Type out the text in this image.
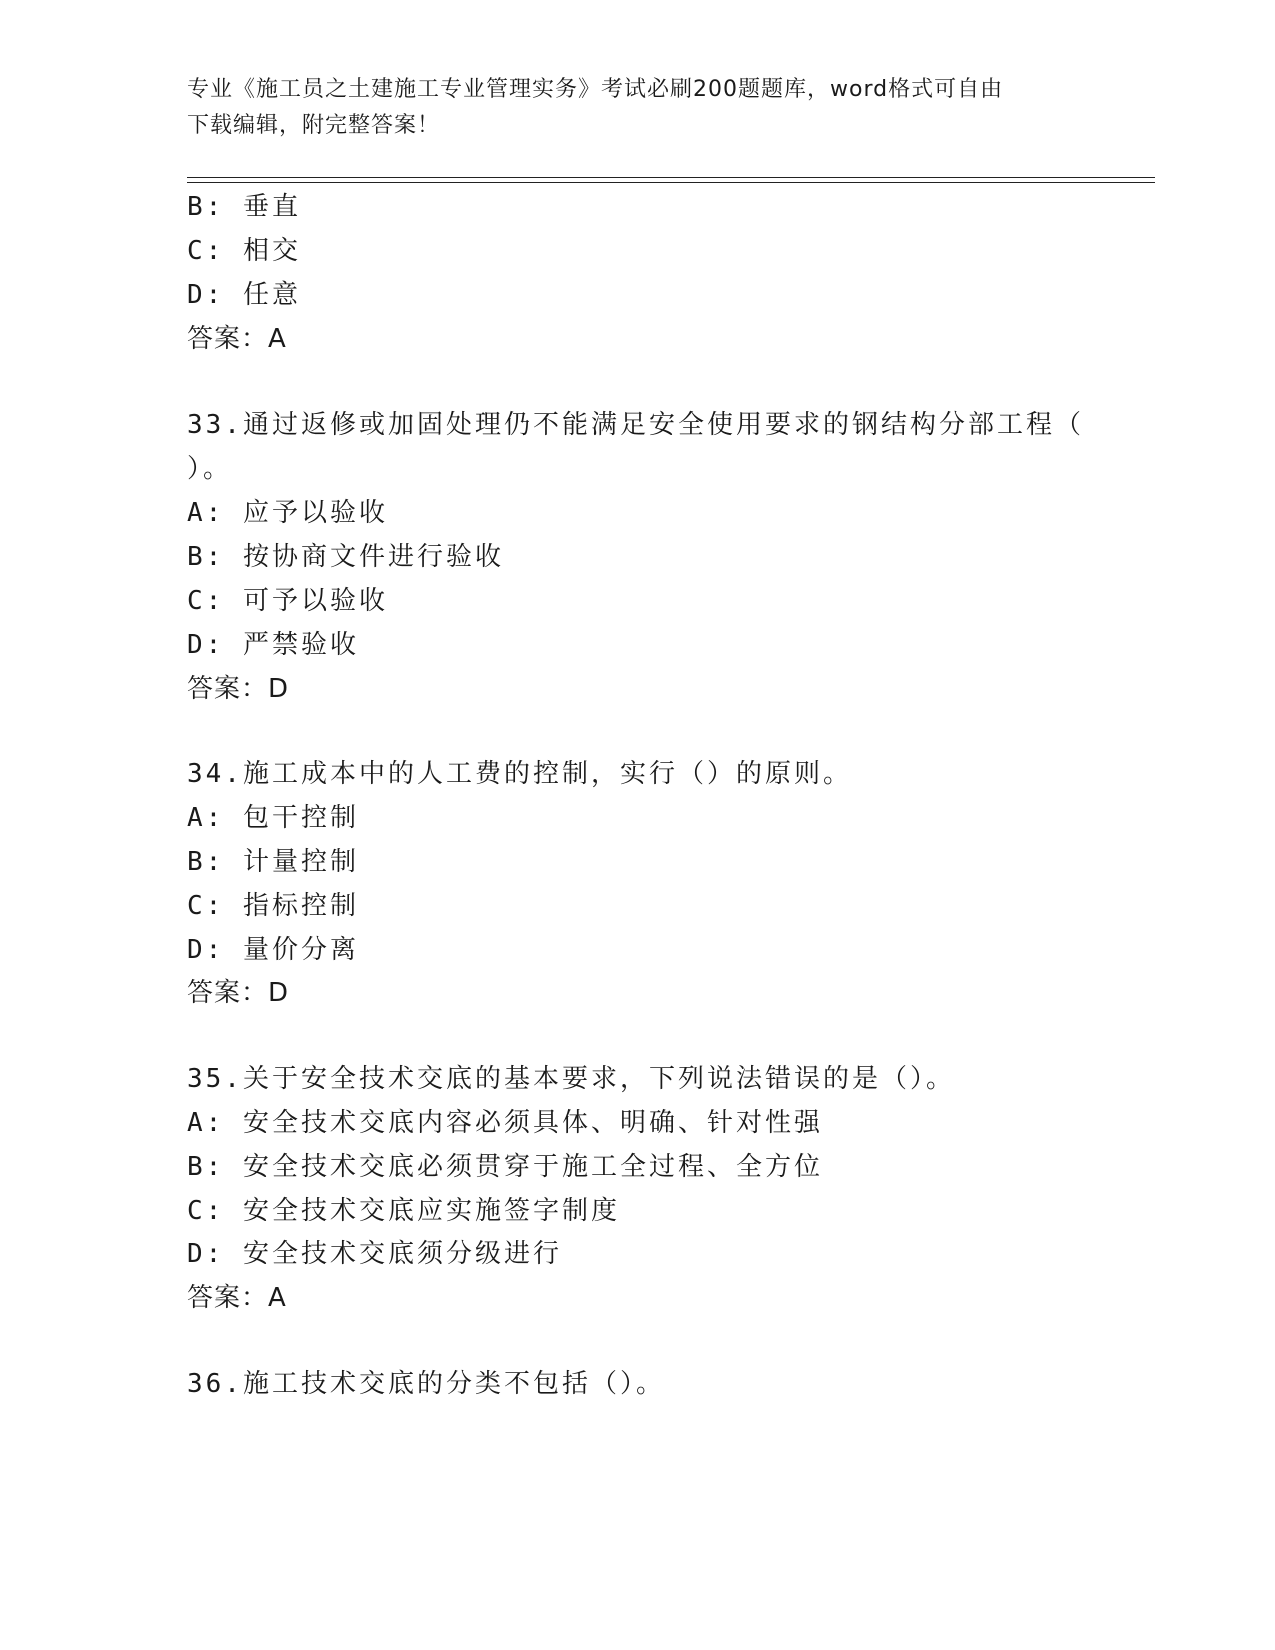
专业《施工员之土建施工专业管理实务》考试必刷200题题库，word格式可自由
下载编辑，附完整答案！
B: 垂直
C: 相交
D: 任意
答案：A
33.通过返修或加固处理仍不能满足安全使用要求的钢结构分部工程（
）。
A: 应予以验收
B: 按协商文件进行验收
C: 可予以验收
D: 严禁验收
答案：D
34.施工成本中的人工费的控制，实行（）的原则。
A: 包干控制
B: 计量控制
C: 指标控制
D: 量价分离
答案：D
35.关于安全技术交底的基本要求，下列说法错误的是（）。
A: 安全技术交底内容必须具体、明确、针对性强
B: 安全技术交底必须贯穿于施工全过程、全方位
C: 安全技术交底应实施签字制度
D: 安全技术交底须分级进行
答案：A
36.施工技术交底的分类不包括（）。
